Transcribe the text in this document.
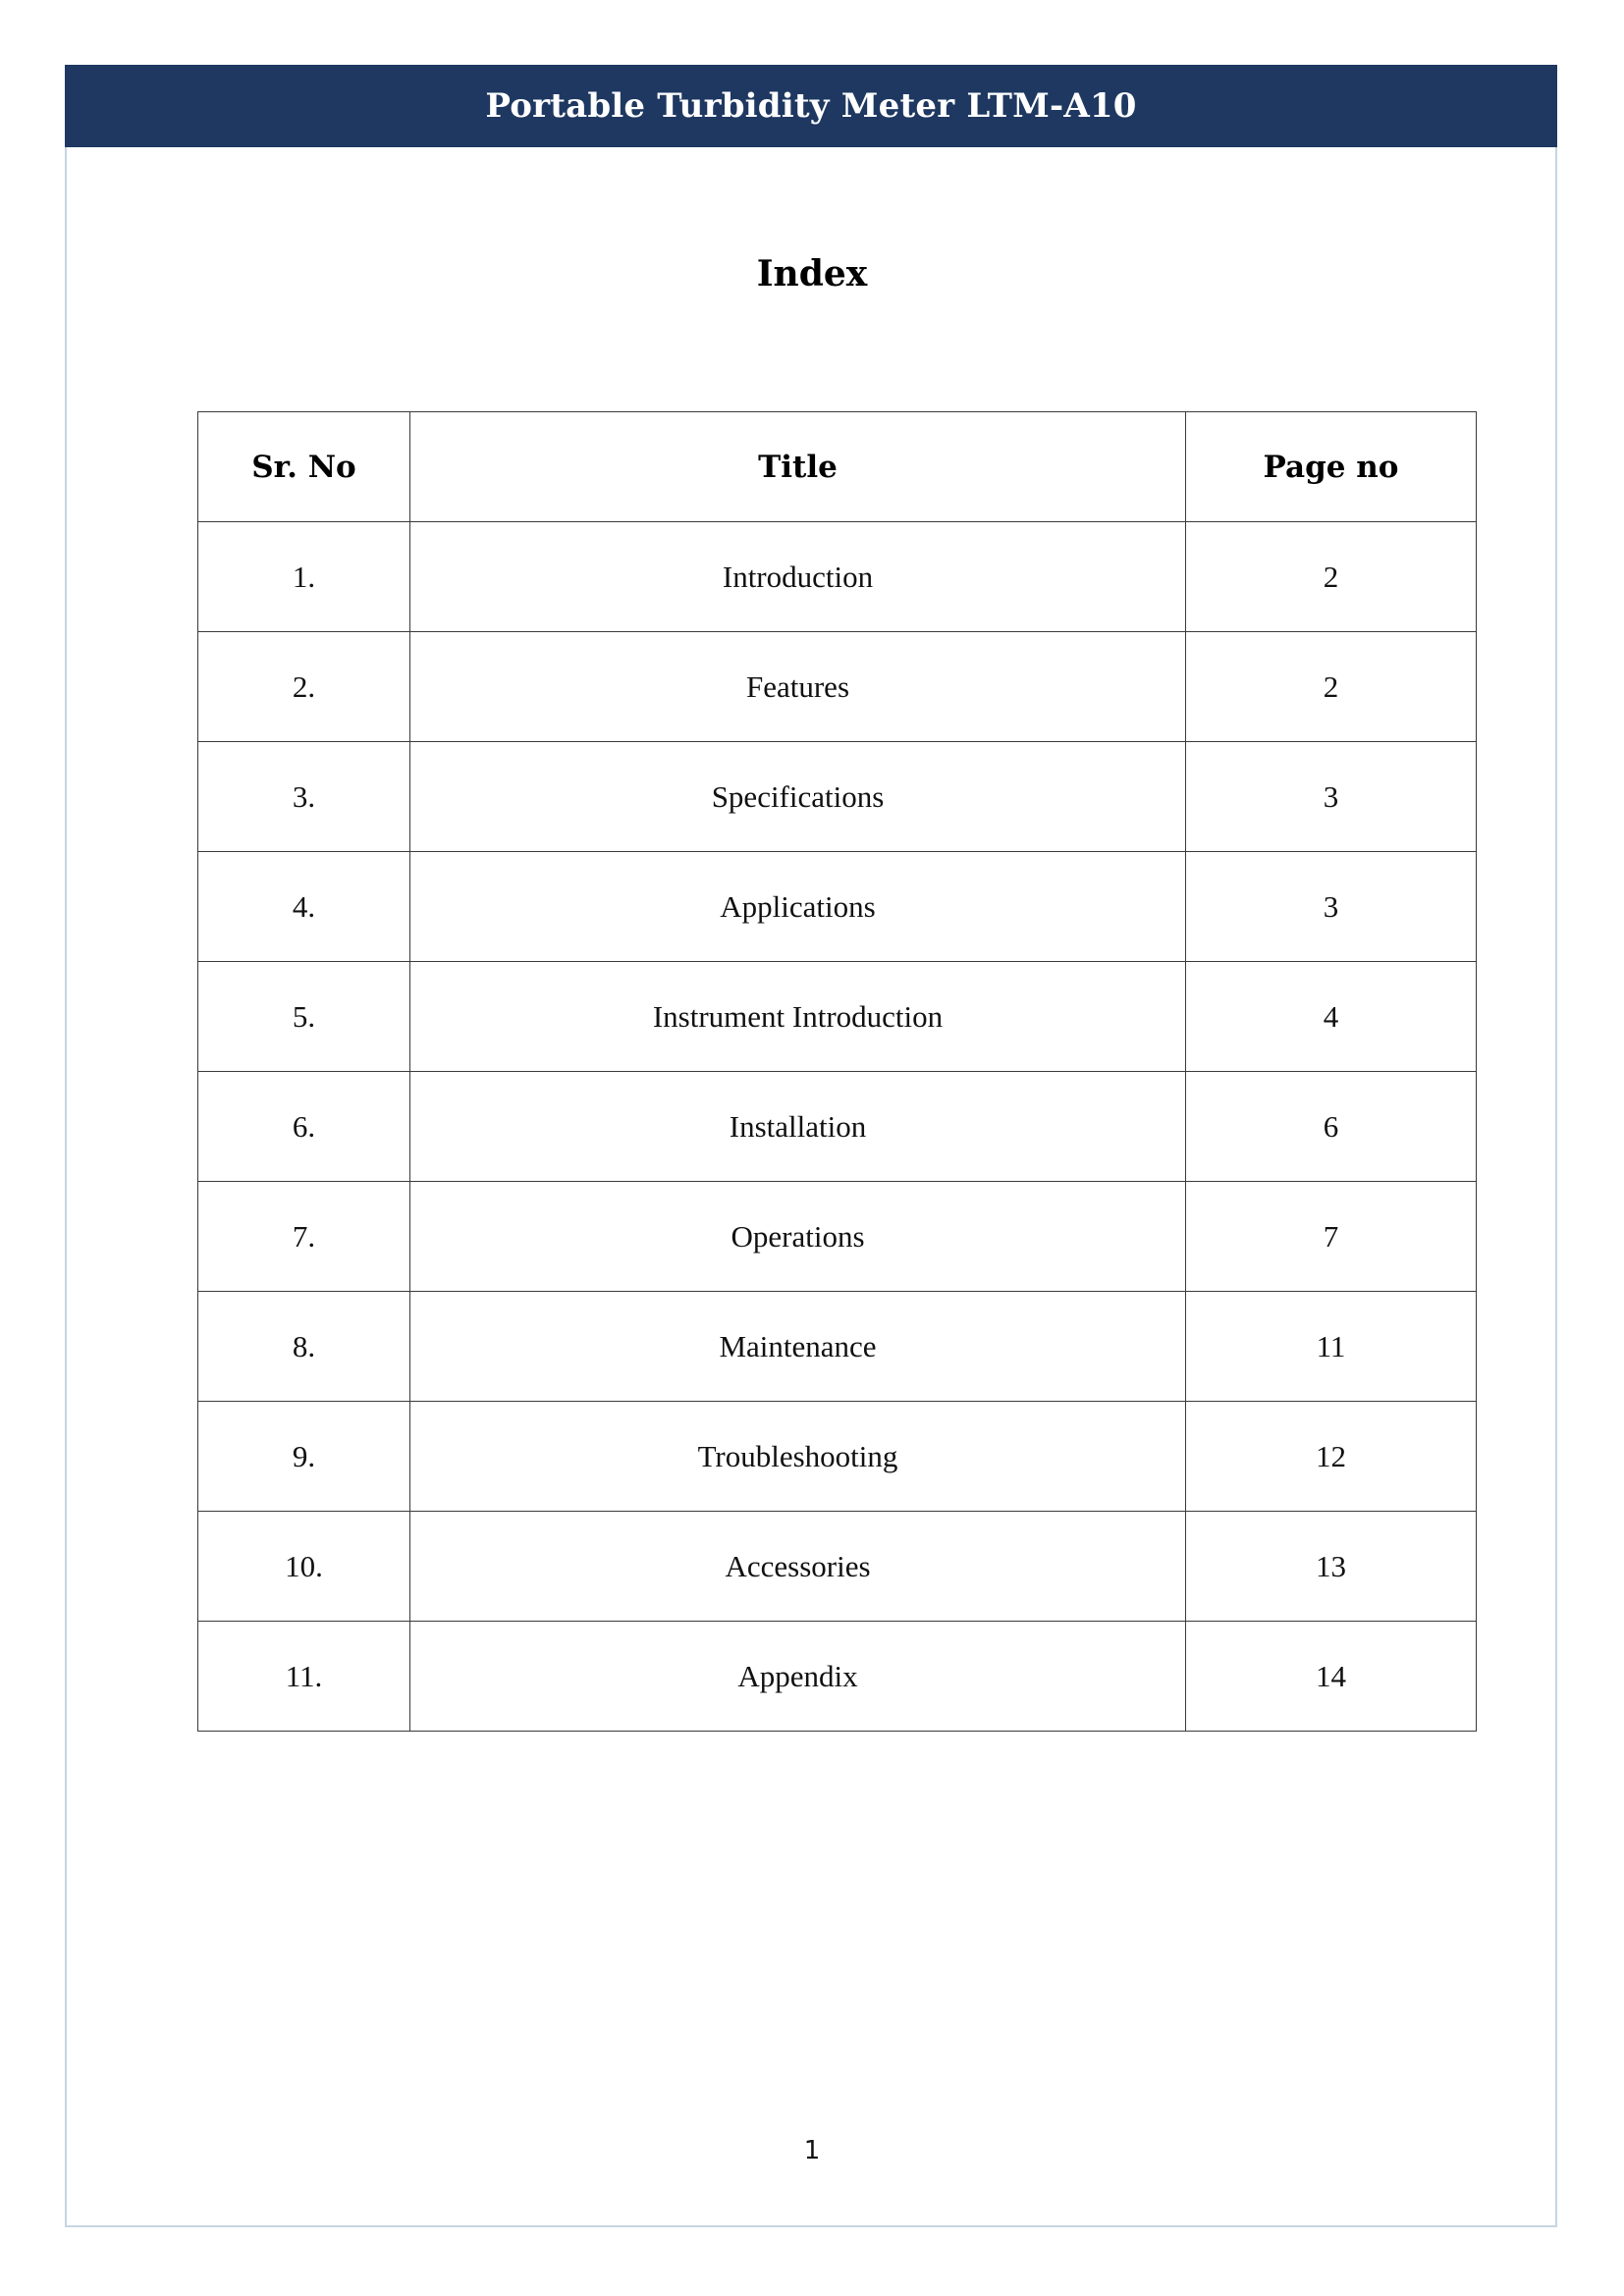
Portable Turbidity Meter LTM-A10
Index
Sr. No	Title	Page no
1.	Introduction	2
2.	Features	2
3.	Specifications	3
4.	Applications	3
5.	Instrument Introduction	4
6.	Installation	6
7.	Operations	7
8.	Maintenance	11
9.	Troubleshooting	12
10.	Accessories	13
11.	Appendix	14
1
